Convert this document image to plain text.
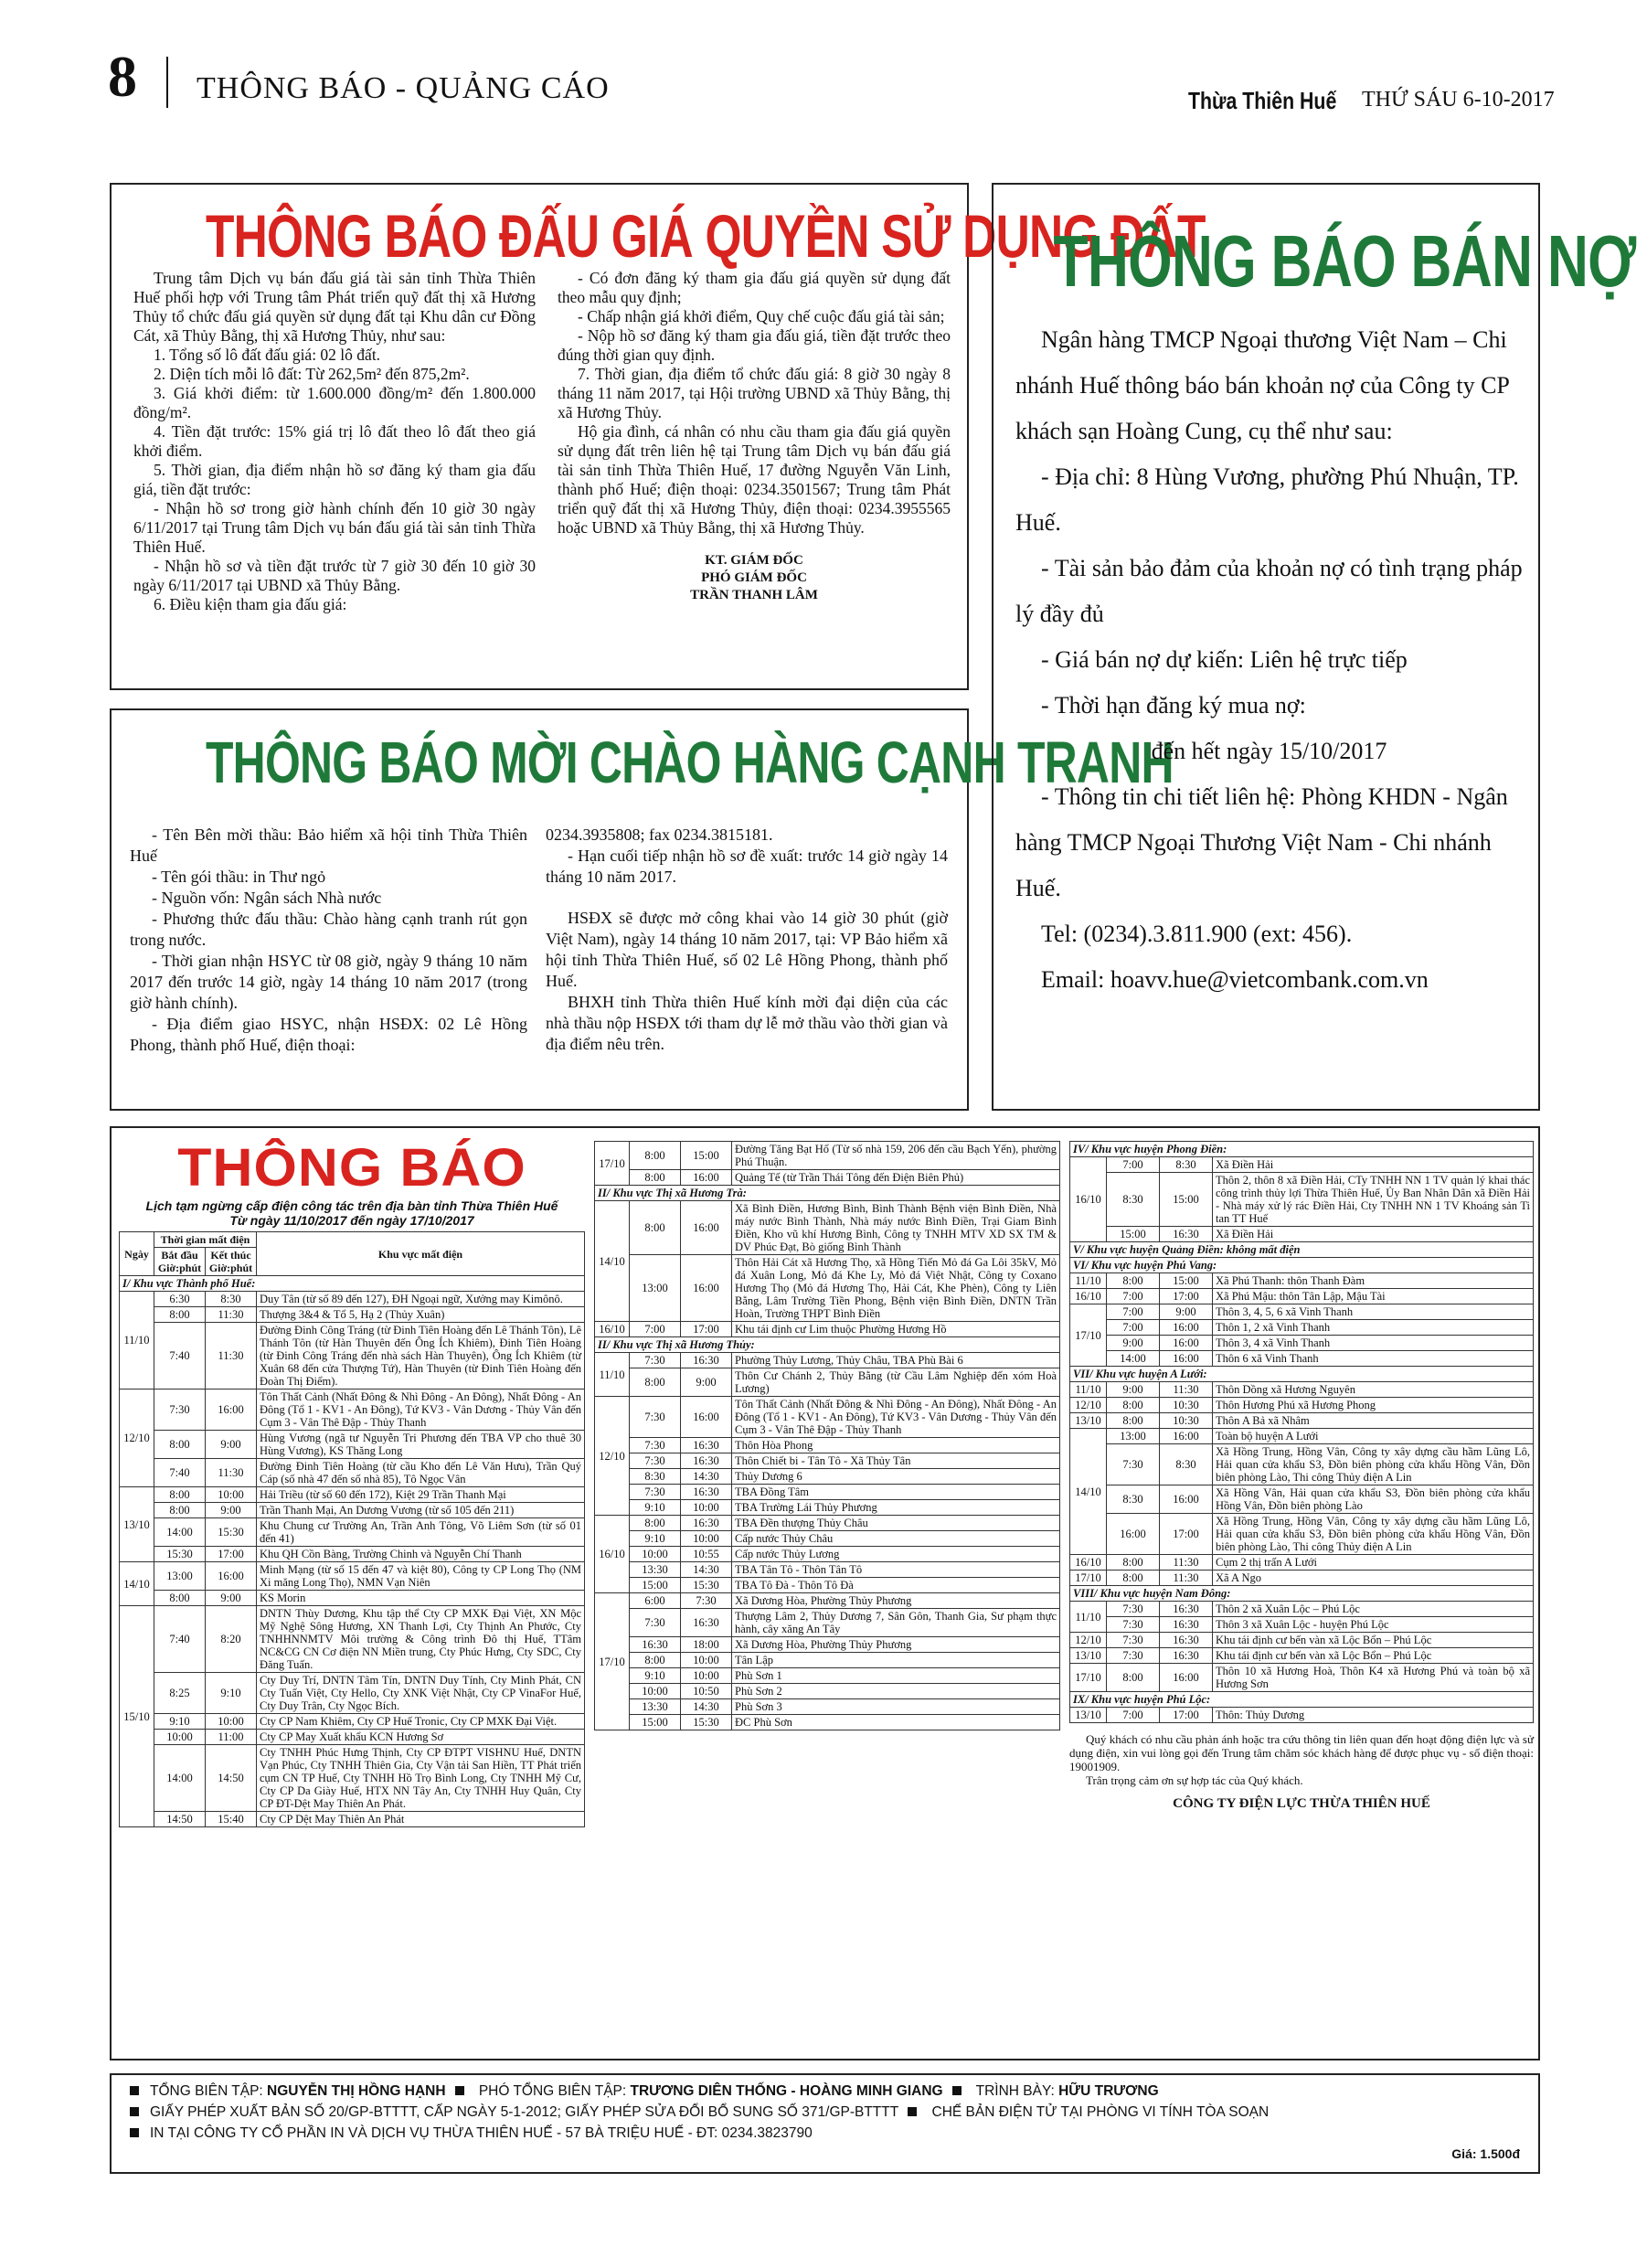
8 THÔNG BÁO - QUẢNG CÁO	Thừa Thiên Huế THỨ SÁU 6-10-2017
THÔNG BÁO ĐẤU GIÁ QUYỀN SỬ DỤNG ĐẤT

Trung tâm Dịch vụ bán đấu giá tài sản tỉnh Thừa Thiên Huế phối hợp với Trung tâm Phát triển quỹ đất thị xã Hương Thủy tổ chức đấu giá quyền sử dụng đất tại Khu dân cư Đồng Cát, xã Thủy Bằng, thị xã Hương Thủy, như sau:

1. Tổng số lô đất đấu giá: 02 lô đất.

2. Diện tích mỗi lô đất: Từ 262,5m² đến 875,2m².

3. Giá khởi điểm: từ 1.600.000 đồng/m² đến 1.800.000 đồng/m².

4. Tiền đặt trước: 15% giá trị lô đất theo lô đất theo giá khởi điểm.

5. Thời gian, địa điểm nhận hồ sơ đăng ký tham gia đấu giá, tiền đặt trước:

- Nhận hồ sơ trong giờ hành chính đến 10 giờ 30 ngày 6/11/2017 tại Trung tâm Dịch vụ bán đấu giá tài sản tỉnh Thừa Thiên Huế.

- Nhận hồ sơ và tiền đặt trước từ 7 giờ 30 đến 10 giờ 30 ngày 6/11/2017 tại UBND xã Thủy Bằng.

6. Điều kiện tham gia đấu giá:

- Có đơn đăng ký tham gia đấu giá quyền sử dụng đất theo mẫu quy định;

- Chấp nhận giá khởi điểm, Quy chế cuộc đấu giá tài sản;

- Nộp hồ sơ đăng ký tham gia đấu giá, tiền đặt trước theo đúng thời gian quy định.

7. Thời gian, địa điểm tổ chức đấu giá: 8 giờ 30 ngày 8 tháng 11 năm 2017, tại Hội trường UBND xã Thủy Bằng, thị xã Hương Thủy.

Hộ gia đình, cá nhân có nhu cầu tham gia đấu giá quyền sử dụng đất trên liên hệ tại Trung tâm Dịch vụ bán đấu giá tài sản tỉnh Thừa Thiên Huế, 17 đường Nguyễn Văn Linh, thành phố Huế; điện thoại: 0234.3501567; Trung tâm Phát triển quỹ đất thị xã Hương Thủy, điện thoại: 0234.3955565 hoặc UBND xã Thủy Bằng, thị xã Hương Thủy.

KT. GIÁM ĐỐC
PHÓ GIÁM ĐỐC
TRẦN THANH LÂM
THÔNG BÁO MỜI CHÀO HÀNG CẠNH TRANH

- Tên Bên mời thầu: Bảo hiểm xã hội tỉnh Thừa Thiên Huế

- Tên gói thầu: in Thư ngỏ

- Nguồn vốn: Ngân sách Nhà nước

- Phương thức đấu thầu: Chào hàng cạnh tranh rút gọn trong nước.

- Thời gian nhận HSYC từ 08 giờ, ngày 9 tháng 10 năm 2017 đến trước 14 giờ, ngày 14 tháng 10 năm 2017 (trong giờ hành chính).

- Địa điểm giao HSYC, nhận HSĐX: 02 Lê Hồng Phong, thành phố Huế, điện thoại:

0234.3935808; fax 0234.3815181.

- Hạn cuối tiếp nhận hồ sơ đề xuất: trước 14 giờ ngày 14 tháng 10 năm 2017.

HSĐX sẽ được mở công khai vào 14 giờ 30 phút (giờ Việt Nam), ngày 14 tháng 10 năm 2017, tại: VP Bảo hiểm xã hội tỉnh Thừa Thiên Huế, số 02 Lê Hồng Phong, thành phố Huế.

BHXH tỉnh Thừa thiên Huế kính mời đại diện của các nhà thầu nộp HSĐX tới tham dự lễ mở thầu vào thời gian và địa điểm nêu trên.

THÔNG BÁO BÁN NỢ

Ngân hàng TMCP Ngoại thương Việt Nam – Chi nhánh Huế thông báo bán khoản nợ của Công ty CP khách sạn Hoàng Cung, cụ thể như sau:

- Địa chỉ: 8 Hùng Vương, phường Phú Nhuận, TP. Huế.

- Tài sản bảo đảm của khoản nợ có tình trạng pháp lý đầy đủ

- Giá bán nợ dự kiến: Liên hệ trực tiếp

- Thời hạn đăng ký mua nợ:

đến hết ngày 15/10/2017

- Thông tin chi tiết liên hệ: Phòng KHDN - Ngân hàng TMCP Ngoại Thương Việt Nam - Chi nhánh Huế.

Tel: (0234).3.811.900 (ext: 456).

Email: hoavv.hue@vietcombank.com.vn

THÔNG BÁO
Lịch tạm ngừng cấp điện công tác trên địa bàn tỉnh Thừa Thiên Huế
Từ ngày 11/10/2017 đến ngày 17/10/2017
Ngày	Thời gian mất điện		Khu vực mất điện
	Bắt đầu Giờ:phút	Kết thúc Giờ:phút	
I/ Khu vực Thành phố Huế:			
11/10	6:30	8:30	Duy Tân (từ số 89 đến 127), ĐH Ngoại ngữ, Xưởng may Kimônô.
	8:00	11:30	Thượng 3&4 & Tổ 5, Hạ 2 (Thủy Xuân)
	7:40	11:30	Đường Đinh Công Tráng (từ Đinh Tiên Hoàng đến Lê Thánh Tôn), Lê Thánh Tôn (từ Hàn Thuyên đến Ông Ích Khiêm), Đinh Tiên Hoàng (từ Đinh Công Tráng đến nhà sách Hàn Thuyên), Ông Ích Khiêm (từ Xuân 68 đến cửa Thượng Tứ), Hàn Thuyên (từ Đinh Tiên Hoàng đến Đoàn Thị Điểm).
12/10	7:30	16:00	Tôn Thất Cảnh (Nhất Đông & Nhì Đông - An Đông), Nhất Đông - An Đông (Tổ 1 - KV1 - An Đông), Tứ KV3 - Vân Dương - Thủy Vân đến Cụm 3 - Vân Thê Đập - Thủy Thanh
	8:00	9:00	Hùng Vương (ngã tư Nguyễn Tri Phương đến TBA VP cho thuê 30 Hùng Vương), KS Thăng Long
	7:40	11:30	Đường Đinh Tiên Hoàng (từ cầu Kho đến Lê Văn Hưu), Trần Quý Cáp (số nhà 47 đến số nhà 85), Tô Ngọc Vân
13/10	8:00	10:00	Hải Triều (từ số 60 đến 172), Kiệt 29 Trần Thanh Mại
	8:00	9:00	Trần Thanh Mại, An Dương Vương (từ số 105 đến 211)
	14:00	15:30	Khu Chung cư Trường An, Trần Anh Tông, Võ Liêm Sơn (từ số 01 đến 41)
	15:30	17:00	Khu QH Cồn Bàng, Trường Chinh và Nguyễn Chí Thanh
14/10	13:00	16:00	Minh Mạng (từ số 15 đến 47 và kiệt 80), Công ty CP Long Thọ (NM Xi măng Long Thọ), NMN Vạn Niên
	8:00	9:00	KS Morin
15/10	7:40	8:20	DNTN Thùy Dương, Khu tập thể Cty CP MXK Đại Việt, XN Mộc Mỹ Nghệ Sông Hương, XN Thanh Lợi, Cty Thịnh An Phước, Cty TNHHNNMTV Môi trường & Công trình Đô thị Huế, TTâm NC&CG CN Cơ điện NN Miền trung, Cty Phúc Hưng, Cty SDC, Cty Đăng Tuấn.
	8:25	9:10	Cty Duy Trí, DNTN Tâm Tín, DNTN Duy Tính, Cty Minh Phát, CN Cty Tuấn Việt, Cty Hello, Cty XNK Việt Nhật, Cty CP VinaFor Huế, Cty Duy Trân, Cty Ngọc Bích.
	9:10	10:00	Cty CP Nam Khiêm, Cty CP Huế Tronic, Cty CP MXK Đại Việt.
	10:00	11:00	Cty CP May Xuất khẩu KCN Hương Sơ
	14:00	14:50	Cty TNHH Phúc Hưng Thịnh, Cty CP ĐTPT VISHNU Huế, DNTN Vạn Phúc, Cty TNHH Thiên Gia, Cty Vận tải San Hiền, TT Phát triển cụm CN TP Huế, Cty TNHH Hồ Trọ Bình Long, Cty TNHH Mỹ Cư, Cty CP Da Giày Huế, HTX NN Tây An, Cty TNHH Huy Quân, Cty CP ĐT-Dệt May Thiên An Phát.
	14:50	15:40	Cty CP Dệt May Thiên An Phát
17/10	8:00	15:00	Đường Tăng Bạt Hổ (Từ số nhà 159, 206 đến cầu Bạch Yến), phường Phú Thuận.
	8:00	16:00	Quảng Tế (từ Trần Thái Tông đến Điện Biên Phủ)
II/ Khu vực Thị xã Hương Trà:			
14/10	8:00	16:00	Xã Bình Điền, Hương Bình, Bình Thành Bệnh viện Bình Điền, Nhà máy nước Bình Thành, Nhà máy nước Bình Điền, Trại Giam Bình Điền, Kho vũ khí Hương Bình, Công ty TNHH MTV XD SX TM & DV Phúc Đạt, Bò giống Bình Thành
	13:00	16:00	Thôn Hải Cát xã Hương Thọ, xã Hồng Tiến Mỏ đá Ga Lôi 35kV, Mỏ đá Xuân Long, Mỏ đá Khe Ly, Mỏ đá Việt Nhật, Công ty Coxano Hương Thọ (Mỏ đá Hương Thọ, Hải Cát, Khe Phèn), Công ty Liên Bằng, Lâm Trường Tiền Phong, Bệnh viện Bình Điền, DNTN Trần Hoàn, Trường THPT Bình Điền
16/10	7:00	17:00	Khu tái định cư Lim thuộc Phường Hương Hồ
II/ Khu vực Thị xã Hương Thủy:			
11/10	7:30	16:30	Phường Thủy Lương, Thủy Châu, TBA Phù Bài 6
	8:00	9:00	Thôn Cư Chánh 2, Thủy Bằng (từ Cầu Lâm Nghiệp đến xóm Hoà Lương)
12/10	7:30	16:00	Tôn Thất Cảnh (Nhất Đông & Nhì Đông - An Đông), Nhất Đông - An Đông (Tổ 1 - KV1 - An Đông), Tứ KV3 - Vân Dương - Thủy Vân đến Cụm 3 - Vân Thê Đập - Thủy Thanh
	7:30	16:30	Thôn Hòa Phong
	7:30	16:30	Thôn Chiết bi - Tân Tô - Xã Thủy Tân
	8:30	14:30	Thủy Dương 6
	7:30	16:30	TBA Đồng Tâm
	9:10	10:00	TBA Trường Lái Thủy Phương
16/10	8:00	16:30	TBA Đền thượng Thủy Châu
	9:10	10:00	Cấp nước Thủy Châu
	10:00	10:55	Cấp nước Thủy Lương
	13:30	14:30	TBA Tân Tô - Thôn Tân Tô
	15:00	15:30	TBA Tô Đà - Thôn Tô Đà
17/10	6:00	7:30	Xã Dương Hòa, Phường Thủy Phương
	7:30	16:30	Thượng Lâm 2, Thủy Dương 7, Sân Gôn, Thanh Gia, Sư phạm thực hành, cây xăng An Tây
	16:30	18:00	Xã Dương Hòa, Phường Thủy Phương
	8:00	10:00	Tân Lập
	9:10	10:00	Phù Sơn 1
	10:00	10:50	Phù Sơn 2
	13:30	14:30	Phù Sơn 3
	15:00	15:30	ĐC Phù Sơn
IV/ Khu vực huyện Phong Điền:			
16/10	7:00	8:30	Xã Điền Hải
	8:30	15:00	Thôn 2, thôn 8 xã Điền Hải, CTy TNHH NN 1 TV quản lý khai thác công trình thủy lợi Thừa Thiên Huế, Ủy Ban Nhân Dân xã Điền Hải - Nhà máy xử lý rác Điền Hải, Cty TNHH NN 1 TV Khoáng sản Ti tan TT Huế
	15:00	16:30	Xã Điền Hải
V/ Khu vực huyện Quảng Điền: không mất điện			
VI/ Khu vực huyện Phú Vang:			
11/10	8:00	15:00	Xã Phú Thanh: thôn Thanh Đàm
16/10	7:00	17:00	Xã Phú Mậu: thôn Tân Lập, Mậu Tài
17/10	7:00	9:00	Thôn 3, 4, 5, 6 xã Vinh Thanh
	7:00	16:00	Thôn 1, 2 xã Vinh Thanh
	9:00	16:00	Thôn 3, 4 xã Vinh Thanh
	14:00	16:00	Thôn 6 xã Vinh Thanh
VII/ Khu vực huyện A Lưới:			
11/10	9:00	11:30	Thôn Dồng xã Hương Nguyên
12/10	8:00	10:30	Thôn Hương Phú xã Hương Phong
13/10	8:00	10:30	Thôn A Bả xã Nhâm
14/10	13:00	16:00	Toàn bộ huyện A Lưới
	7:30	8:30	Xã Hồng Trung, Hồng Vân, Công ty xây dựng cầu hầm Lũng Lô, Hải quan cửa khẩu S3, Đồn biên phòng cửa khẩu Hồng Vân, Đồn biên phòng Lào, Thi công Thủy điện A Lin
	8:30	16:00	Xã Hồng Vân, Hải quan cửa khẩu S3, Đồn biên phòng cửa khẩu Hồng Vân, Đồn biên phòng Lào
	16:00	17:00	Xã Hồng Trung, Hồng Vân, Công ty xây dựng cầu hầm Lũng Lô, Hải quan cửa khẩu S3, Đồn biên phòng cửa khẩu Hồng Vân, Đồn biên phòng Lào, Thi công Thủy điện A Lin
16/10	8:00	11:30	Cụm 2 thị trấn A Lưới
17/10	8:00	11:30	Xã A Ngo
VIII/ Khu vực huyện Nam Đông:			
11/10	7:30	16:30	Thôn 2 xã Xuân Lộc – Phú Lộc
	7:30	16:30	Thôn 3 xã Xuân Lộc - huyện Phú Lộc
12/10	7:30	16:30	Khu tái định cư bến vàn xã Lộc Bổn – Phú Lộc
13/10	7:30	16:30	Khu tái định cư bến vàn xã Lộc Bổn – Phú Lộc
17/10	8:00	16:00	Thôn 10 xã Hương Hoà, Thôn K4 xã Hương Phú và toàn bộ xã Hương Sơn
IX/ Khu vực huyện Phú Lộc:			
13/10	7:00	17:00	Thôn: Thủy Dương

Quý khách có nhu cầu phản ánh hoặc tra cứu thông tin liên quan đến hoạt động điện lực và sử dụng điện, xin vui lòng gọi đến Trung tâm chăm sóc khách hàng để được phục vụ - số điện thoại: 19001909.

Trân trọng cảm ơn sự hợp tác của Quý khách.

CÔNG TY ĐIỆN LỰC THỪA THIÊN HUẾ
TỔNG BIÊN TẬP: NGUYỄN THỊ HỒNG HẠNH PHÓ TỔNG BIÊN TẬP: TRƯƠNG DIÊN THỐNG - HOÀNG MINH GIANG TRÌNH BÀY: HỮU TRƯƠNG
GIẤY PHÉP XUẤT BẢN SỐ 20/GP-BTTTT, CẤP NGÀY 5-1-2012; GIẤY PHÉP SỬA ĐỔI BỔ SUNG SỐ 371/GP-BTTTT CHẾ BẢN ĐIỆN TỬ TẠI PHÒNG VI TÍNH TÒA SOẠN
IN TẠI CÔNG TY CỔ PHẦN IN VÀ DỊCH VỤ THỪA THIÊN HUẾ - 57 BÀ TRIỆU HUẾ - ĐT: 0234.3823790
Giá: 1.500đ
